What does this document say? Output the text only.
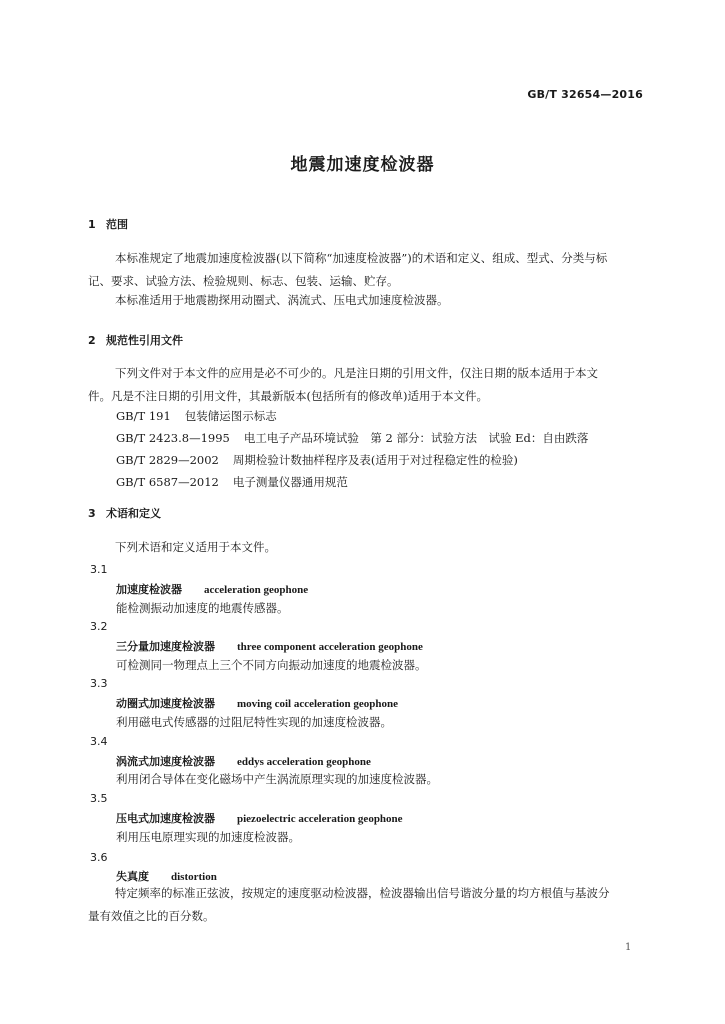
GB/T 32654—2016
地震加速度检波器
1 范围
本标准规定了地震加速度检波器(以下简称“加速度检波器”)的术语和定义、组成、型式、分类与标
记、要求、试验方法、检验规则、标志、包装、运输、贮存。
本标准适用于地震勘探用动圈式、涡流式、压电式加速度检波器。
2 规范性引用文件
下列文件对于本文件的应用是必不可少的。凡是注日期的引用文件，仅注日期的版本适用于本文
件。凡是不注日期的引用文件，其最新版本(包括所有的修改单)适用于本文件。
GB/T 191 包装储运图示标志
GB/T 2423.8—1995 电工电子产品环境试验　第 2 部分：试验方法　试验 Ed：自由跌落
GB/T 2829—2002 周期检验计数抽样程序及表(适用于对过程稳定性的检验)
GB/T 6587—2012 电子测量仪器通用规范
3 术语和定义
下列术语和定义适用于本文件。
3.1
加速度检波器 acceleration geophone
能检测振动加速度的地震传感器。
3.2
三分量加速度检波器 three component acceleration geophone
可检测同一物理点上三个不同方向振动加速度的地震检波器。
3.3
动圈式加速度检波器 moving coil acceleration geophone
利用磁电式传感器的过阻尼特性实现的加速度检波器。
3.4
涡流式加速度检波器 eddys acceleration geophone
利用闭合导体在变化磁场中产生涡流原理实现的加速度检波器。
3.5
压电式加速度检波器 piezoelectric acceleration geophone
利用压电原理实现的加速度检波器。
3.6
失真度 distortion
特定频率的标准正弦波，按规定的速度驱动检波器，检波器输出信号谐波分量的均方根值与基波分
量有效值之比的百分数。
1
